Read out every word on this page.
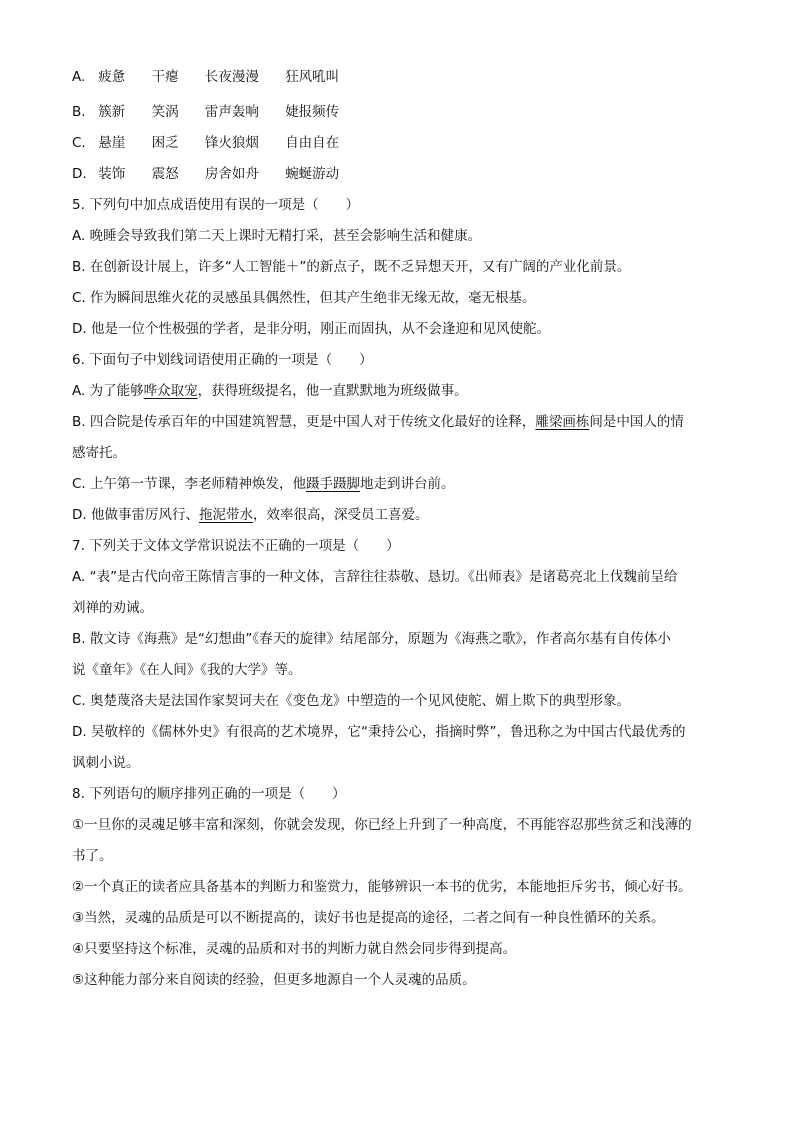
A. 疲惫 干瘪 长夜漫漫 狂风吼叫
B. 簇新 笑涡 雷声轰响 婕报频传
C. 悬崖 困乏 锋火狼烟 自由自在
D. 装饰 震怒 房舍如舟 蜿蜒游动
5. 下列句中加点成语使用有误的一项是（　　）
A. 晚睡会导致我们第二天上课时无精打采，甚至会影响生活和健康。
B. 在创新设计展上，许多“人工智能＋”的新点子，既不乏异想天开，又有广阔的产业化前景。
C. 作为瞬间思维火花的灵感虽具偶然性，但其产生绝非无缘无故，毫无根基。
D. 他是一位个性极强的学者，是非分明，刚正而固执，从不会逢迎和见风使舵。
6. 下面句子中划线词语使用正确的一项是（　　）
A. 为了能够哗众取宠，获得班级提名，他一直默默地为班级做事。
B. 四合院是传承百年的中国建筑智慧，更是中国人对于传统文化最好的诠释，雕梁画栋间是中国人的情
感寄托。
C. 上午第一节课，李老师精神焕发，他蹑手蹑脚地走到讲台前。
D. 他做事雷厉风行、拖泥带水，效率很高，深受员工喜爱。
7. 下列关于文体文学常识说法不正确的一项是（　　）
A. “表”是古代向帝王陈情言事的一种文体，言辞往往恭敬、恳切。《出师表》是诸葛亮北上伐魏前呈给
刘禅的劝诫。
B. 散文诗《海燕》是“幻想曲”《春天的旋律》结尾部分，原题为《海燕之歌》，作者高尔基有自传体小
说《童年》《在人间》《我的大学》等。
C. 奥楚蔑洛夫是法国作家契诃夫在《变色龙》中塑造的一个见风使舵、媚上欺下的典型形象。
D. 吴敬梓的《儒林外史》有很高的艺术境界，它“秉持公心，指摘时弊”，鲁迅称之为中国古代最优秀的
讽刺小说。
8. 下列语句的顺序排列正确的一项是（　　）
①一旦你的灵魂足够丰富和深刻，你就会发现，你已经上升到了一种高度，不再能容忍那些贫乏和浅薄的
书了。
②一个真正的读者应具备基本的判断力和鉴赏力，能够辨识一本书的优劣，本能地拒斥劣书，倾心好书。
③当然，灵魂的品质是可以不断提高的，读好书也是提高的途径，二者之间有一种良性循环的关系。
④只要坚持这个标准，灵魂的品质和对书的判断力就自然会同步得到提高。
⑤这种能力部分来自阅读的经验，但更多地源自一个人灵魂的品质。
